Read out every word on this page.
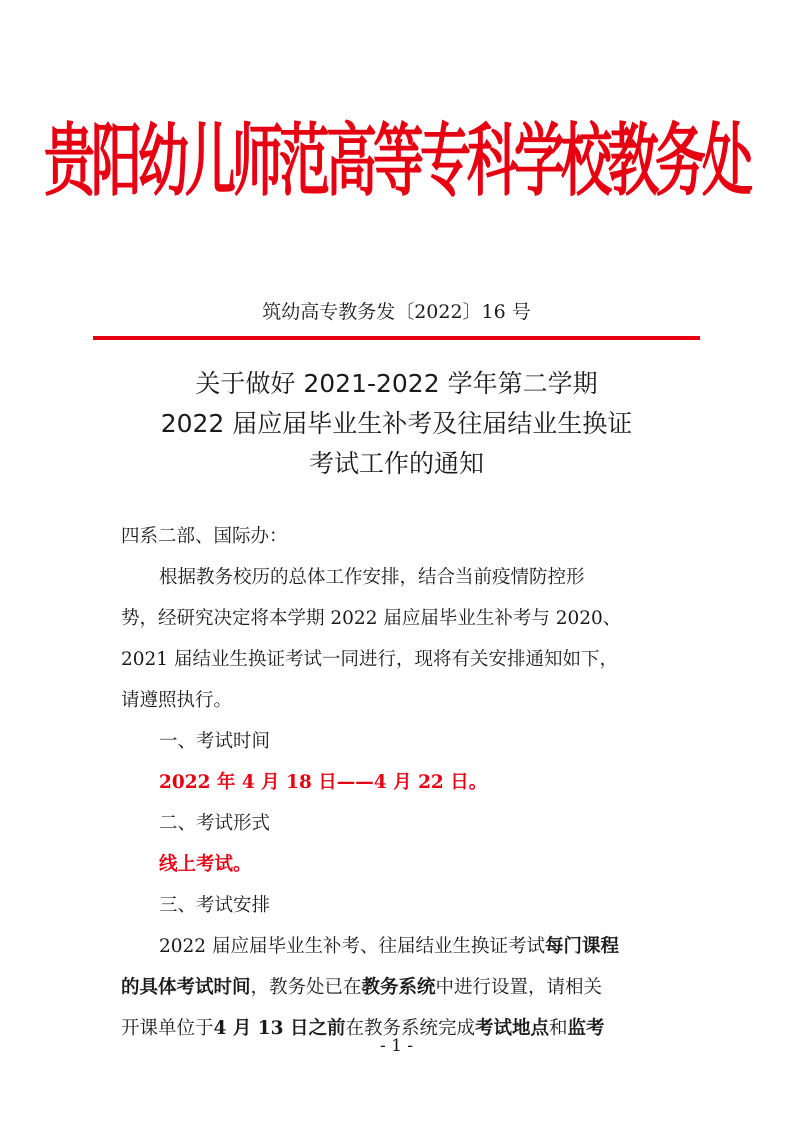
贵阳幼儿师范高等专科学校教务处
筑幼高专教务发〔2022〕16 号
关于做好 2021-2022 学年第二学期
2022 届应届毕业生补考及往届结业生换证
考试工作的通知
四系二部、国际办：
根据教务校历的总体工作安排，结合当前疫情防控形
势，经研究决定将本学期 2022 届应届毕业生补考与 2020、
2021 届结业生换证考试一同进行，现将有关安排通知如下，
请遵照执行。
一、考试时间
2022 年 4 月 18 日——4 月 22 日。
二、考试形式
线上考试。
三、考试安排
2022 届应届毕业生补考、往届结业生换证考试每门课程
的具体考试时间，教务处已在教务系统中进行设置，请相关
开课单位于4 月 13 日之前在教务系统完成考试地点和监考
- 1 -
